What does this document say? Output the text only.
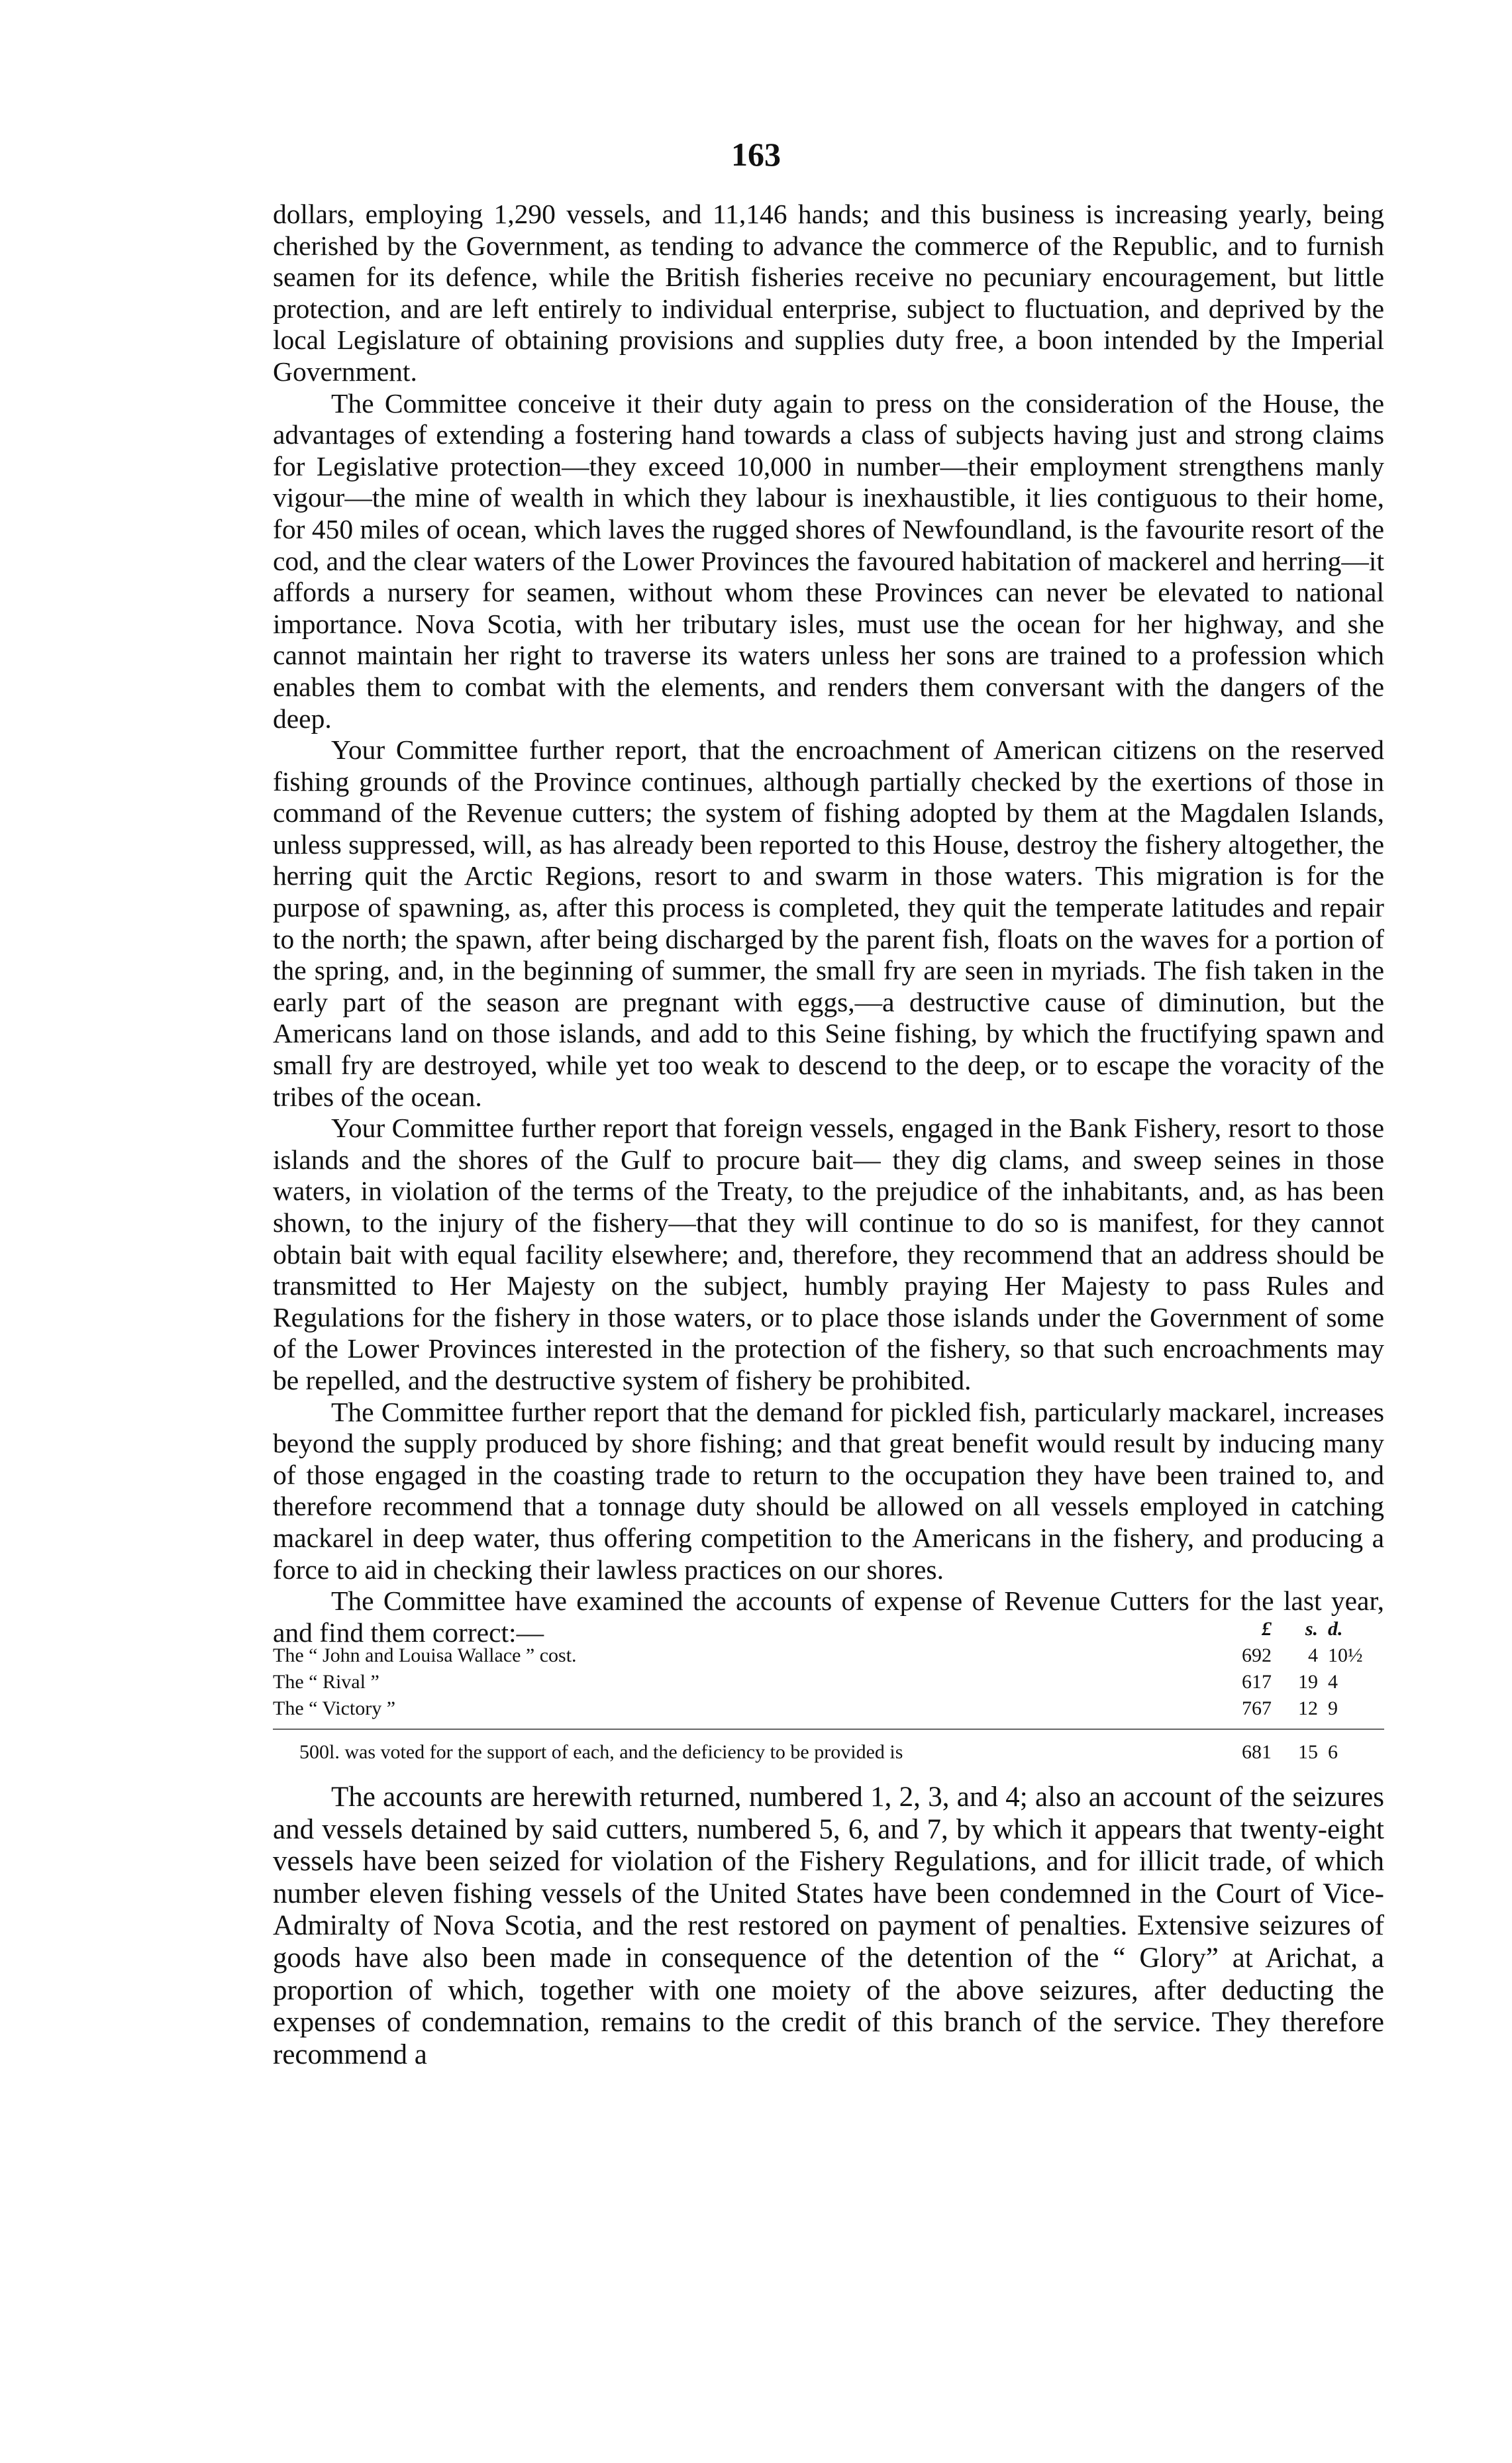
163

dollars, employing 1,290 vessels, and 11,146 hands; and this business is increasing yearly, being cherished by the Government, as tending to advance the commerce of the Republic, and to furnish seamen for its defence, while the British fisheries receive no pecuniary encouragement, but little protection, and are left entirely to individual enterprise, subject to fluctuation, and deprived by the local Legislature of obtaining provisions and supplies duty free, a boon intended by the Imperial Government.

The Committee conceive it their duty again to press on the consideration of the House, the advantages of extending a fostering hand towards a class of subjects having just and strong claims for Legislative protection—they exceed 10,000 in number—their employment strengthens manly vigour—the mine of wealth in which they labour is inexhaustible, it lies contiguous to their home, for 450 miles of ocean, which laves the rugged shores of Newfoundland, is the favourite resort of the cod, and the clear waters of the Lower Provinces the favoured habitation of mackerel and herring—it affords a nursery for seamen, without whom these Provinces can never be elevated to national importance. Nova Scotia, with her tributary isles, must use the ocean for her highway, and she cannot maintain her right to traverse its waters unless her sons are trained to a profession which enables them to combat with the elements, and renders them conversant with the dangers of the deep.

Your Committee further report, that the encroachment of American citizens on the reserved fishing grounds of the Province continues, although partially checked by the exertions of those in command of the Revenue cutters; the system of fishing adopted by them at the Magdalen Islands, unless suppressed, will, as has already been reported to this House, destroy the fishery altogether, the herring quit the Arctic Regions, resort to and swarm in those waters. This migration is for the purpose of spawning, as, after this process is completed, they quit the temperate latitudes and repair to the north; the spawn, after being discharged by the parent fish, floats on the waves for a portion of the spring, and, in the beginning of summer, the small fry are seen in myriads. The fish taken in the early part of the season are pregnant with eggs,—a destructive cause of diminution, but the Americans land on those islands, and add to this Seine fishing, by which the fructifying spawn and small fry are destroyed, while yet too weak to descend to the deep, or to escape the voracity of the tribes of the ocean.

Your Committee further report that foreign vessels, engaged in the Bank Fishery, resort to those islands and the shores of the Gulf to procure bait— they dig clams, and sweep seines in those waters, in violation of the terms of the Treaty, to the prejudice of the inhabitants, and, as has been shown, to the injury of the fishery—that they will continue to do so is manifest, for they cannot obtain bait with equal facility elsewhere; and, therefore, they recommend that an address should be transmitted to Her Majesty on the subject, humbly praying Her Majesty to pass Rules and Regulations for the fishery in those waters, or to place those islands under the Government of some of the Lower Provinces interested in the protection of the fishery, so that such encroachments may be repelled, and the destructive system of fishery be prohibited.

The Committee further report that the demand for pickled fish, particularly mackarel, increases beyond the supply produced by shore fishing; and that great benefit would result by inducing many of those engaged in the coasting trade to return to the occupation they have been trained to, and therefore recommend that a tonnage duty should be allowed on all vessels employed in catching mackarel in deep water, thus offering competition to the Americans in the fishery, and producing a force to aid in checking their lawless practices on our shores.

The Committee have examined the accounts of expense of Revenue Cutters for the last year, and find them correct:—	£	s. d.
The “ John and Louisa Wallace ” cost.	692	4 10½
The “ Rival ”	617	19 4
The “ Victory ”	767	12 9
500l. was voted for the support of each, and the deficiency to be provided is	681	15 6

The accounts are herewith returned, numbered 1, 2, 3, and 4; also an account of the seizures and vessels detained by said cutters, numbered 5, 6, and 7, by which it appears that twenty-eight vessels have been seized for violation of the Fishery Regulations, and for illicit trade, of which number eleven fishing vessels of the United States have been condemned in the Court of Vice-Admiralty of Nova Scotia, and the rest restored on payment of penalties. Extensive seizures of goods have also been made in consequence of the detention of the “ Glory” at Arichat, a proportion of which, together with one moiety of the above seizures, after deducting the expenses of condemnation, remains to the credit of this branch of the service. They therefore recommend a
